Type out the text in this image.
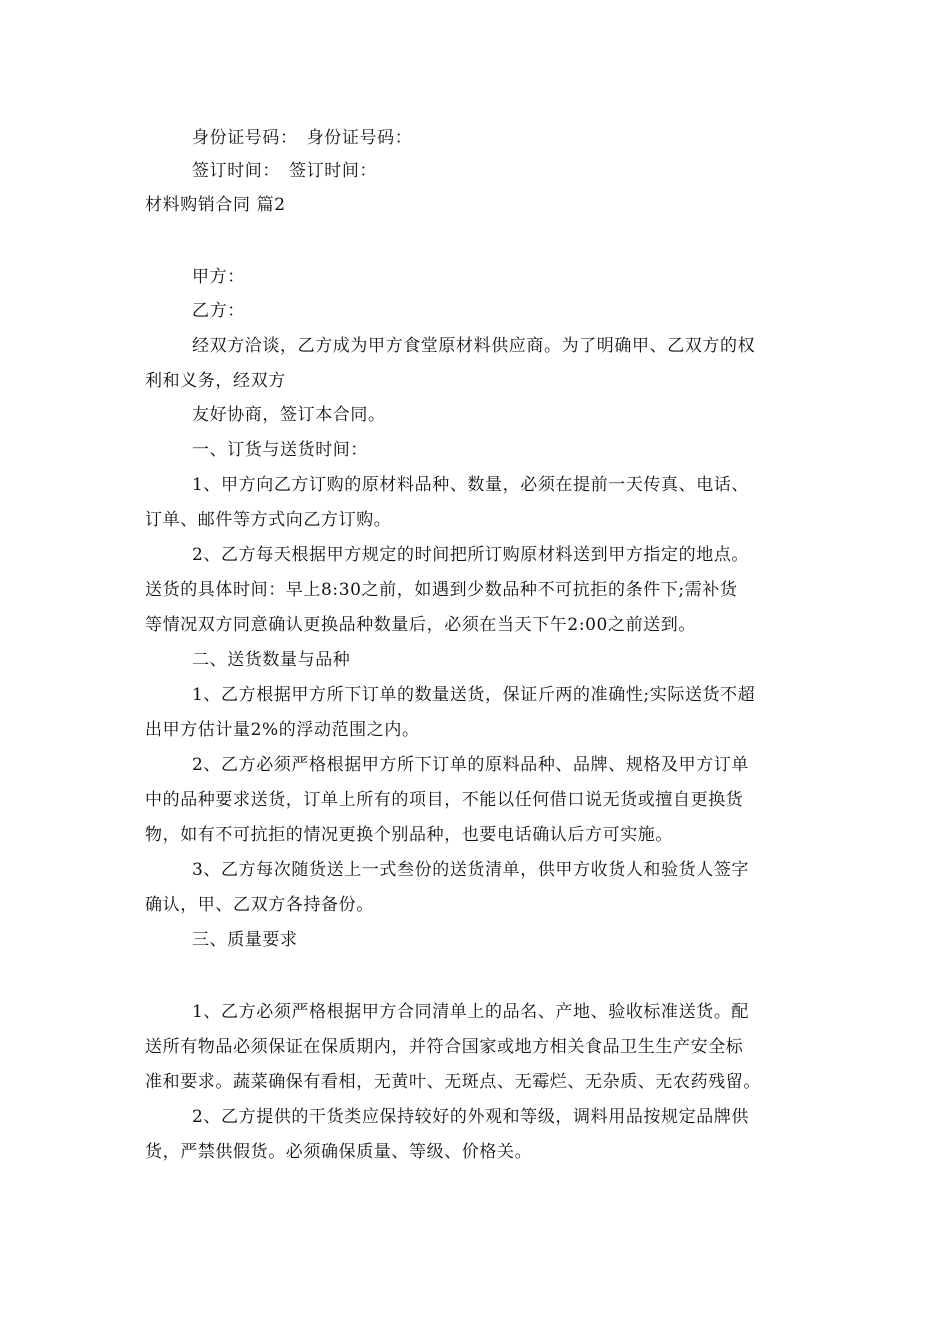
身份证号码：　身份证号码：
签订时间：　签订时间：
材料购销合同 篇2
甲方：
乙方：
经双方洽谈，乙方成为甲方食堂原材料供应商。为了明确甲、乙双方的权
利和义务，经双方
友好协商，签订本合同。
一、订货与送货时间：
1、甲方向乙方订购的原材料品种、数量，必须在提前一天传真、电话、
订单、邮件等方式向乙方订购。
2、乙方每天根据甲方规定的时间把所订购原材料送到甲方指定的地点。
送货的具体时间：早上8:30之前，如遇到少数品种不可抗拒的条件下;需补货
等情况双方同意确认更换品种数量后，必须在当天下午2:00之前送到。
二、送货数量与品种
1、乙方根据甲方所下订单的数量送货，保证斤两的准确性;实际送货不超
出甲方估计量2%的浮动范围之内。
2、乙方必须严格根据甲方所下订单的原料品种、品牌、规格及甲方订单
中的品种要求送货，订单上所有的项目，不能以任何借口说无货或擅自更换货
物，如有不可抗拒的情况更换个别品种，也要电话确认后方可实施。
3、乙方每次随货送上一式叁份的送货清单，供甲方收货人和验货人签字
确认，甲、乙双方各持备份。
三、质量要求
1、乙方必须严格根据甲方合同清单上的品名、产地、验收标准送货。配
送所有物品必须保证在保质期内，并符合国家或地方相关食品卫生生产安全标
准和要求。蔬菜确保有看相，无黄叶、无斑点、无霉烂、无杂质、无农药残留。
2、乙方提供的干货类应保持较好的外观和等级，调料用品按规定品牌供
货，严禁供假货。必须确保质量、等级、价格关。
